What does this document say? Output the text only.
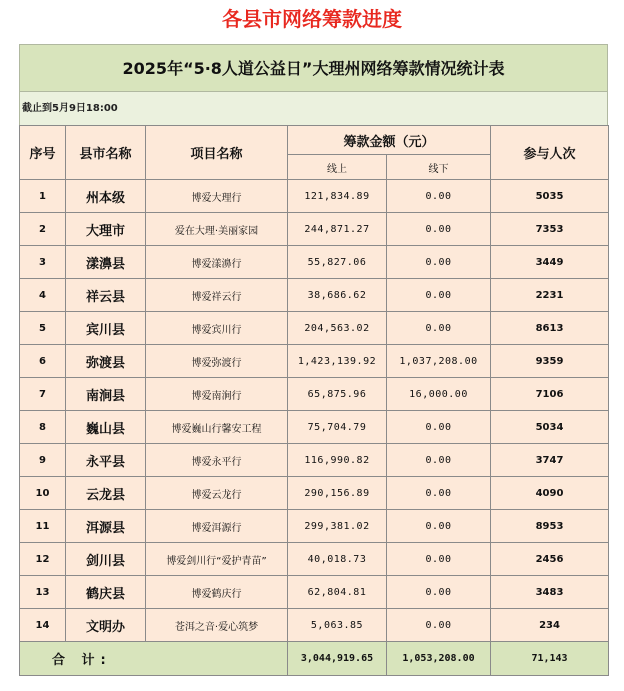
各县市网络筹款进度
2025年“5·8人道公益日”大理州网络筹款情况统计表
截止到5月9日18:00
序号	县市名称	项目名称	筹款金额（元）		参与人次
			线上	线下	
1	州本级	博爱大理行	121,834.89	0.00	5035
2	大理市	爱在大理·美丽家园	244,871.27	0.00	7353
3	漾濞县	博爱漾濞行	55,827.06	0.00	3449
4	祥云县	博爱祥云行	38,686.62	0.00	2231
5	宾川县	博爱宾川行	204,563.02	0.00	8613
6	弥渡县	博爱弥渡行	1,423,139.92	1,037,208.00	9359
7	南涧县	博爱南涧行	65,875.96	16,000.00	7106
8	巍山县	博爱巍山行馨安工程	75,704.79	0.00	5034
9	永平县	博爱永平行	116,990.82	0.00	3747
10	云龙县	博爱云龙行	290,156.89	0.00	4090
11	洱源县	博爱洱源行	299,381.02	0.00	8953
12	剑川县	博爱剑川行“爱护青苗”	40,018.73	0.00	2456
13	鹤庆县	博爱鹤庆行	62,804.81	0.00	3483
14	文明办	苍洱之音·爱心筑梦	5,063.85	0.00	234
合 计:			3,044,919.65	1,053,208.00	71,143
